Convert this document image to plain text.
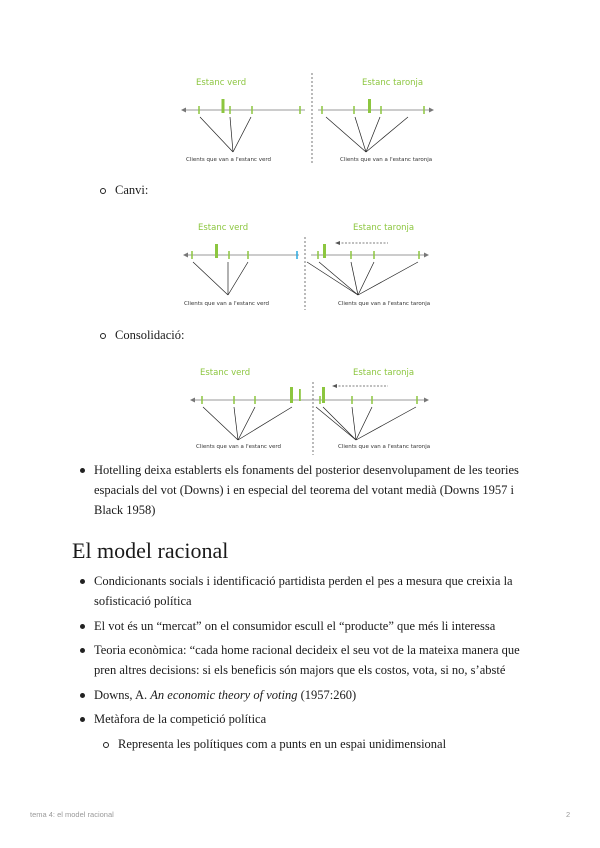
Estanc verd	Estanc taronja
Clients que van a l'estanc verd	Clients que van a l'estanc taronja
Canvi:
Estanc verd	Estanc taronja
Clients que van a l'estanc verd	Clients que van a l'estanc taronja
Consolidació:
Estanc verd	Estanc taronja
Clients que van a l'estanc verd	Clients que van a l'estanc taronja
Hotelling deixa establerts els fonaments del posterior desenvolupament de les teories espacials del vot (Downs) i en especial del teorema del votant medià (Downs 1957 i Black 1958)
El model racional
Condicionants socials i identificació partidista perden el pes a mesura que creixia la sofisticació política
El vot és un “mercat” on el consumidor escull el “producte” que més li interessa
Teoria econòmica: “cada home racional decideix el seu vot de la mateixa manera que pren altres decisions: si els beneficis són majors que els costos, vota, si no, s’absté
Downs, A. An economic theory of voting (1957:260)
Metàfora de la competició política
Representa les polítiques com a punts en un espai unidimensional
tema 4: el model racional	2
